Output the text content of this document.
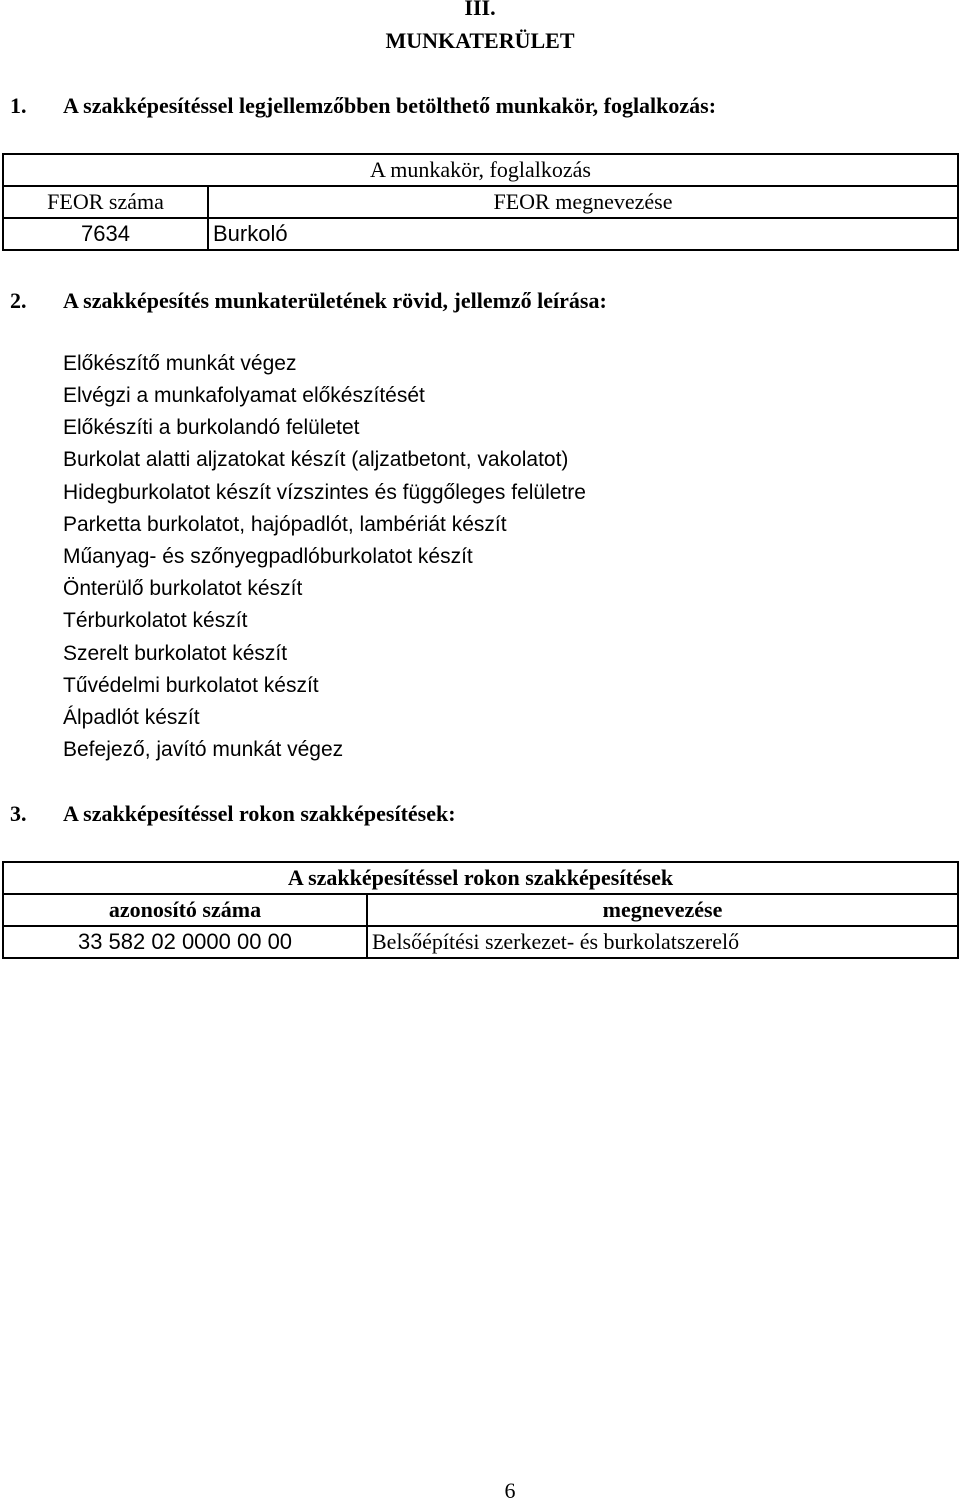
III.
MUNKATERÜLET
1. A szakképesítéssel legjellemzőbben betölthető munkakör, foglalkozás:
A munkakör, foglalkozás	
FEOR száma	FEOR megnevezése
7634	Burkoló
2. A szakképesítés munkaterületének rövid, jellemző leírása:
Előkészítő munkát végez
Elvégzi a munkafolyamat előkészítését
Előkészíti a burkolandó felületet
Burkolat alatti aljzatokat készít (aljzatbetont, vakolatot)
Hidegburkolatot készít vízszintes és függőleges felületre
Parketta burkolatot, hajópadlót, lambériát készít
Műanyag- és szőnyegpadlóburkolatot készít
Önterülő burkolatot készít
Térburkolatot készít
Szerelt burkolatot készít
Tűvédelmi burkolatot készít
Álpadlót készít
Befejező, javító munkát végez
3. A szakképesítéssel rokon szakképesítések:
A szakképesítéssel rokon szakképesítések	
azonosító száma	megnevezése
33 582 02 0000 00 00	Belsőépítési szerkezet- és burkolatszerelő
6
